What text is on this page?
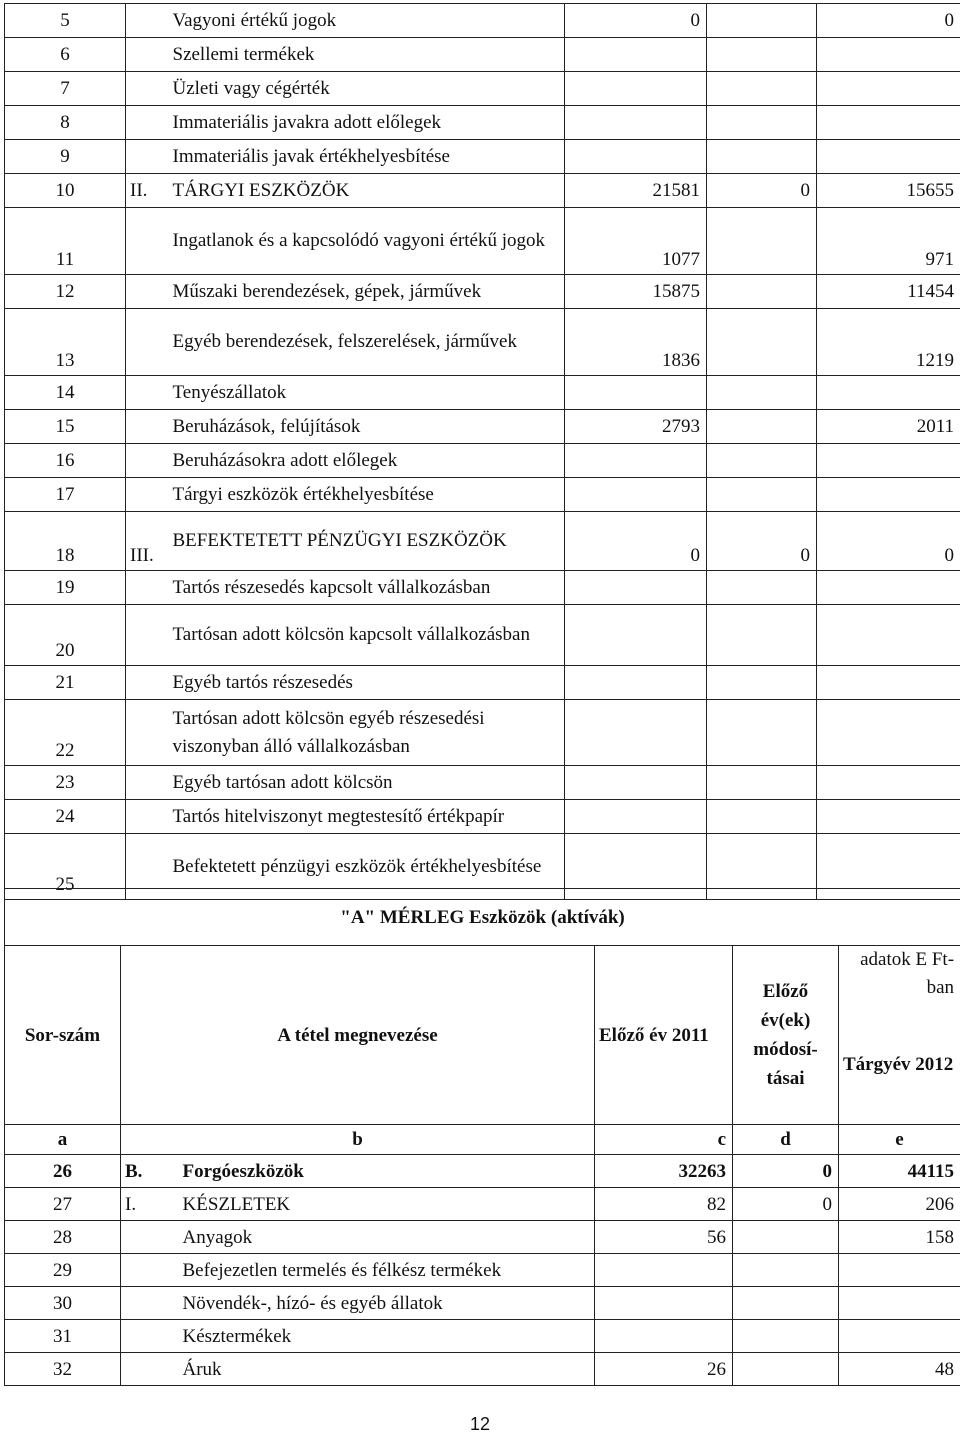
5		Vagyoni értékű jogok	0		0
6		Szellemi termékek			
7		Üzleti vagy cégérték			
8		Immateriális javakra adott előlegek			
9		Immateriális javak értékhelyesbítése			
10	II.	TÁRGYI ESZKÖZÖK	21581	0	15655
11		Ingatlanok és a kapcsolódó vagyoni értékű jogok	1077		971
12		Műszaki berendezések, gépek, járművek	15875		11454
13		Egyéb berendezések, felszerelések, járművek	1836		1219
14		Tenyészállatok			
15		Beruházások, felújítások	2793		2011
16		Beruházásokra adott előlegek			
17		Tárgyi eszközök értékhelyesbítése			
18	III.	BEFEKTETETT PÉNZÜGYI ESZKÖZÖK	0	0	0
19		Tartós részesedés kapcsolt vállalkozásban			
20		Tartósan adott kölcsön kapcsolt vállalkozásban			
21		Egyéb tartós részesedés			
22		Tartósan adott kölcsön egyéb részesedési viszonyban álló vállalkozásban			
23		Egyéb tartósan adott kölcsön			
24		Tartós hitelviszonyt megtestesítő értékpapír			
25		Befektetett pénzügyi eszközök értékhelyesbítése			
"A" MÉRLEG Eszközök (aktívák)					
Sor-szám	A tétel megnevezése		Előző év 2011	Előző év(ek) módosí-tásai	adatok E Ft-ban
					Tárgyév 2012
a	b		c	d	e
26	B.	Forgóeszközök	32263	0	44115
27	I.	KÉSZLETEK	82	0	206
28		Anyagok	56		158
29		Befejezetlen termelés és félkész termékek			
30		Növendék-, hízó- és egyéb állatok			
31		Késztermékek			
32		Áruk	26		48
12
